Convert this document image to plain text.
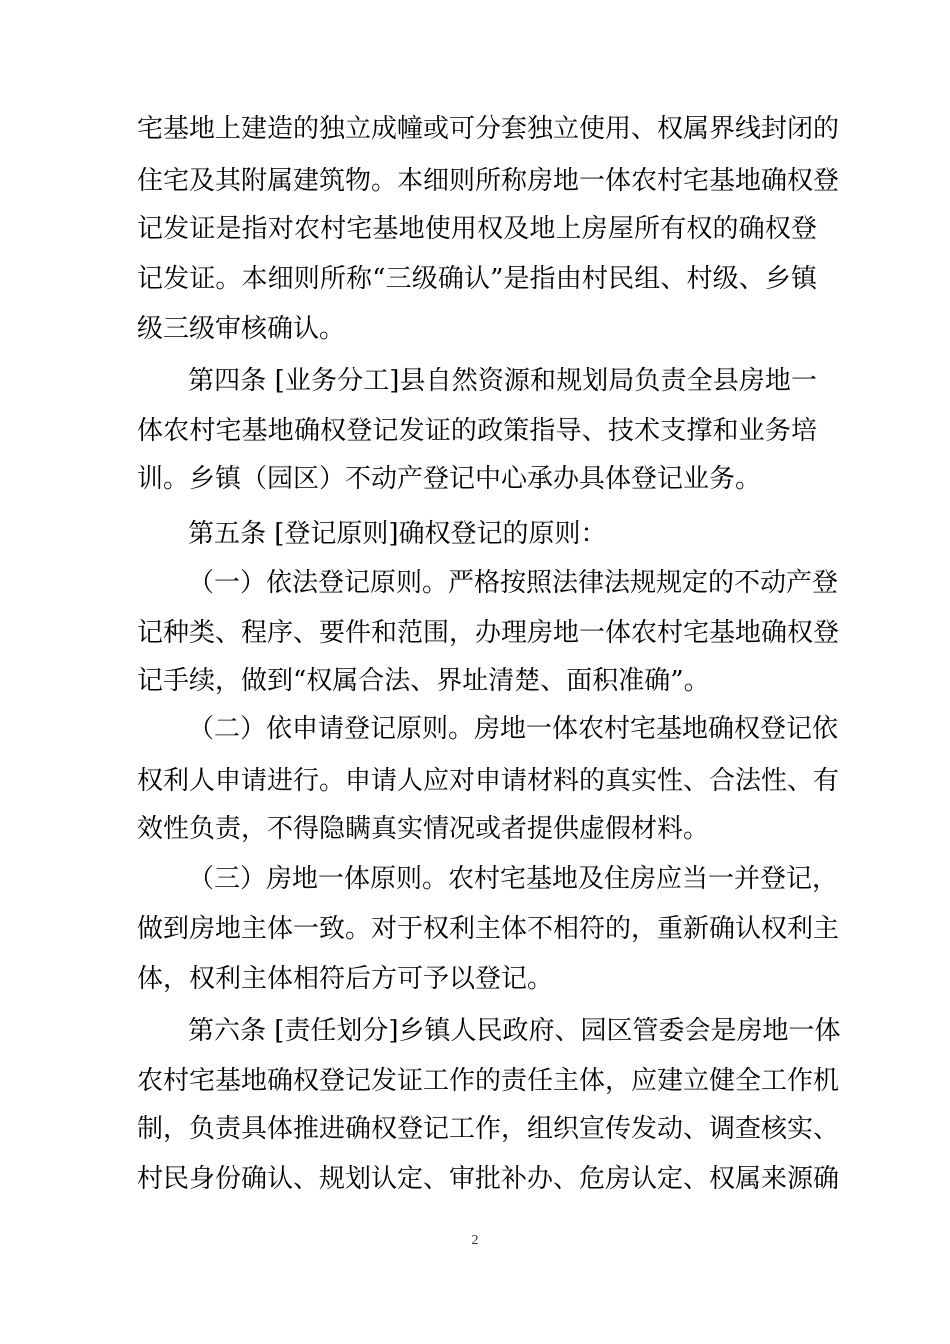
宅基地上建造的独立成幢或可分套独立使用、权属界线封闭的
住宅及其附属建筑物。本细则所称房地一体农村宅基地确权登
记发证是指对农村宅基地使用权及地上房屋所有权的确权登
记发证。本细则所称“三级确认”是指由村民组、村级、乡镇
级三级审核确认。
第四条 [业务分工]县自然资源和规划局负责全县房地一
体农村宅基地确权登记发证的政策指导、技术支撑和业务培
训。乡镇（园区）不动产登记中心承办具体登记业务。
第五条 [登记原则]确权登记的原则：
（一）依法登记原则。严格按照法律法规规定的不动产登
记种类、程序、要件和范围，办理房地一体农村宅基地确权登
记手续，做到“权属合法、界址清楚、面积准确”。
（二）依申请登记原则。房地一体农村宅基地确权登记依
权利人申请进行。申请人应对申请材料的真实性、合法性、有
效性负责，不得隐瞒真实情况或者提供虚假材料。
（三）房地一体原则。农村宅基地及住房应当一并登记，
做到房地主体一致。对于权利主体不相符的，重新确认权利主
体，权利主体相符后方可予以登记。
第六条 [责任划分]乡镇人民政府、园区管委会是房地一体
农村宅基地确权登记发证工作的责任主体，应建立健全工作机
制，负责具体推进确权登记工作，组织宣传发动、调查核实、
村民身份确认、规划认定、审批补办、危房认定、权属来源确
2
